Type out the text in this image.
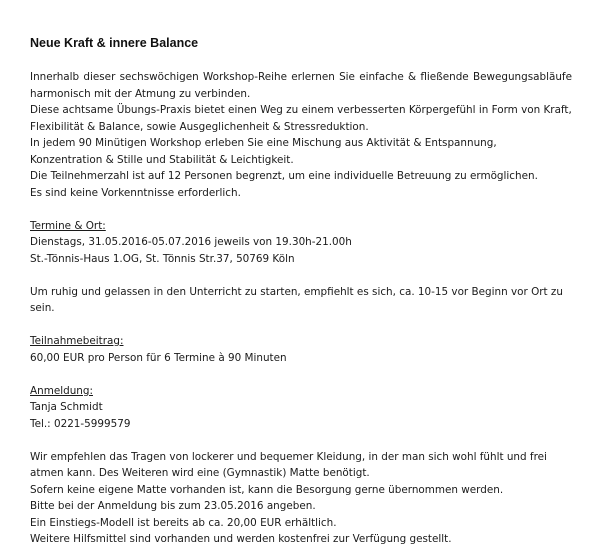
Neue Kraft & innere Balance

Innerhalb dieser sechswöchigen Workshop-Reihe erlernen Sie einfache & fließende Bewegungsabläufe harmonisch mit der Atmung zu verbinden.

Diese achtsame Übungs-Praxis bietet einen Weg zu einem verbesserten Körpergefühl in Form von Kraft, Flexibilität & Balance, sowie Ausgeglichenheit & Stressreduktion.

In jedem 90 Minütigen Workshop erleben Sie eine Mischung aus Aktivität & Entspannung, Konzentration & Stille und Stabilität & Leichtigkeit.

Die Teilnehmerzahl ist auf 12 Personen begrenzt, um eine individuelle Betreuung zu ermöglichen.

Es sind keine Vorkenntnisse erforderlich.

Termine & Ort:

Dienstags, 31.05.2016-05.07.2016 jeweils von 19.30h-21.00h

St.-Tönnis-Haus 1.OG, St. Tönnis Str.37, 50769 Köln

Um ruhig und gelassen in den Unterricht zu starten, empfiehlt es sich, ca. 10-15 vor Beginn vor Ort zu sein.

Teilnahmebeitrag:

60,00 EUR pro Person für 6 Termine à 90 Minuten

Anmeldung:

Tanja Schmidt

Tel.: 0221-5999579

Wir empfehlen das Tragen von lockerer und bequemer Kleidung, in der man sich wohl fühlt und frei atmen kann. Des Weiteren wird eine (Gymnastik) Matte benötigt.

Sofern keine eigene Matte vorhanden ist, kann die Besorgung gerne übernommen werden.

Bitte bei der Anmeldung bis zum 23.05.2016 angeben.

Ein Einstiegs-Modell ist bereits ab ca. 20,00 EUR erhältlich.

Weitere Hilfsmittel sind vorhanden und werden kostenfrei zur Verfügung gestellt.
